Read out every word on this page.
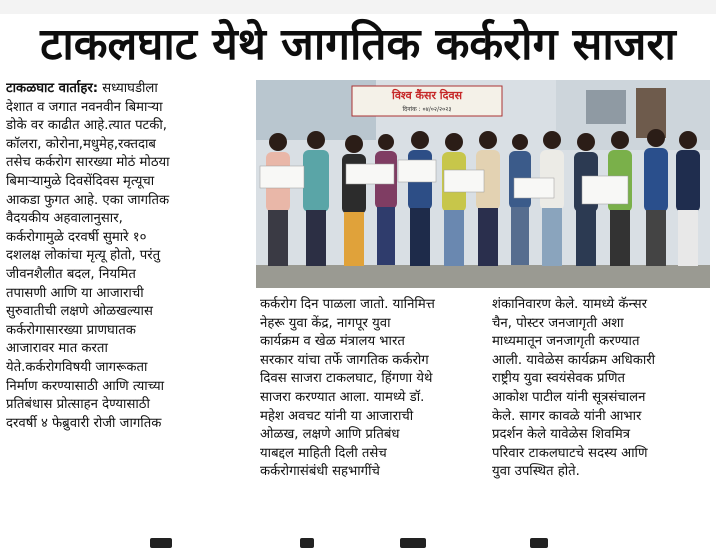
टाकलघाट येथे जागतिक कर्करोग साजरा
टाकळघाट वार्ताहर: सध्याघडीला
देशात व जगात नवनवीन बिमाऱ्या
डोके वर काढीत आहे.त्यात पटकी,
कॉलरा, कोरोना,मधुमेह,रक्तदाब
तसेच कर्करोग सारख्या मोठं मोठया
बिमाऱ्यामुळे दिवसेंदिवस मृत्यूचा
आकडा फुगत आहे. एका जागतिक
वैदयकीय अहवालानुसार,
कर्करोगामुळे दरवर्षी सुमारे १०
दशलक्ष लोकांचा मृत्यू होतो, परंतु
जीवनशैलीत बदल, नियमित
तपासणी आणि या आजाराची
सुरुवातीची लक्षणे ओळखल्यास
कर्करोगासारख्या प्राणघातक
आजारावर मात करता
येते.कर्करोगविषयी जागरूकता
निर्माण करण्यासाठी आणि त्याच्या
प्रतिबंधास प्रोत्साहन देण्यासाठी
दरवर्षी ४ फेब्रुवारी रोजी जागतिक
विश्व कैंसर दिवस
दिनांक : ०४/०२/२०२३
कर्करोग दिन पाळला जातो. यानिमित्त
नेहरू युवा केंद्र, नागपूर युवा
कार्यक्रम व खेळ मंत्रालय भारत
सरकार यांचा तर्फे जागतिक कर्करोग
दिवस साजरा टाकलघाट, हिंगणा येथे
साजरा करण्यात आला. यामध्ये डॉ.
महेश अवचट यांनी या आजाराची
ओळख, लक्षणे आणि प्रतिबंध
याबद्दल माहिती दिली तसेच
कर्करोगासंबंधी सहभागींचे
शंकानिवारण केले. यामध्ये कॅन्सर
चैन, पोस्टर जनजागृती अशा
माध्यमातून जनजागृती करण्यात
आली. यावेळेस कार्यक्रम अधिकारी
राष्ट्रीय युवा स्वयंसेवक प्रणित
आकोश पाटील यांनी सूत्रसंचालन
केले. सागर कावळे यांनी आभार
प्रदर्शन केले यावेळेस शिवमित्र
परिवार टाकलघाटचे सदस्य आणि
युवा उपस्थित होते.
